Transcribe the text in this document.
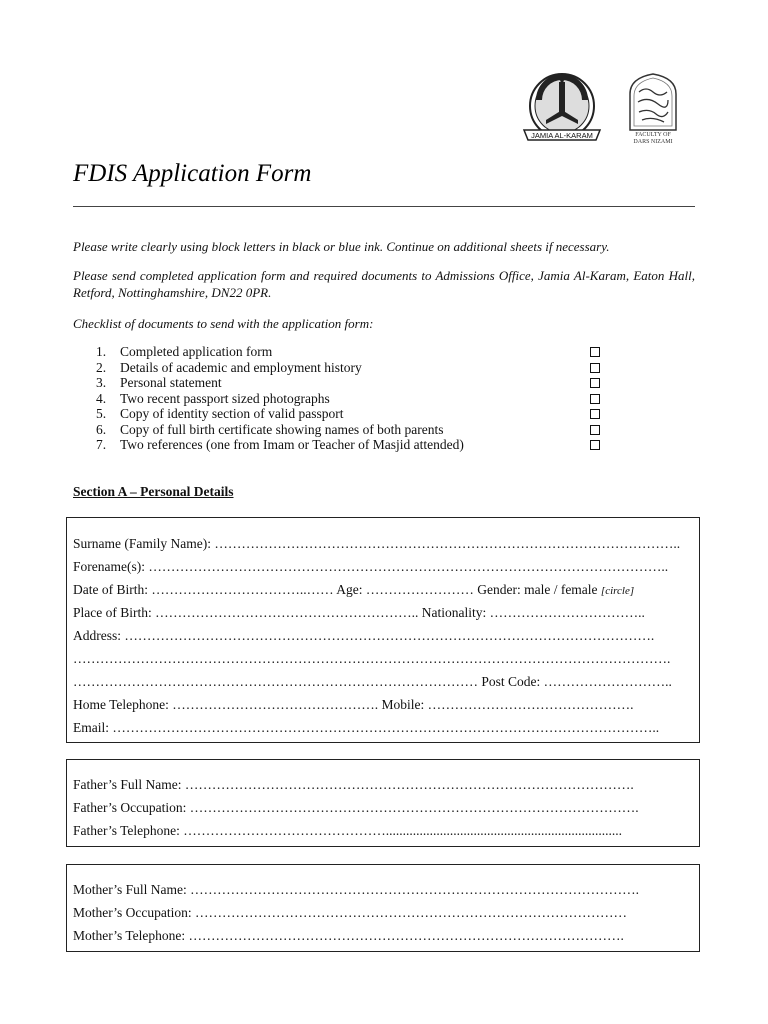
JAMIA AL-KARAM	FACULTY OF
DARS NIZAMI
FDIS Application Form
Please write clearly using block letters in black or blue ink. Continue on additional sheets if necessary.
Please send completed application form and required documents to Admissions Office, Jamia Al-Karam, Eaton Hall, Retford, Nottinghamshire, DN22 0PR.
Checklist of documents to send with the application form:
1.	Completed application form
2.	Details of academic and employment history
3.	Personal statement
4.	Two recent passport sized photographs
5.	Copy of identity section of valid passport
6.	Copy of full birth certificate showing names of both parents
7.	Two references (one from Imam or Teacher of Masjid attended)
Section A – Personal Details
Surname (Family Name): …………………………………………………………………………………………..
Forename(s): ……………………………………………………………………………………………………..
Date of Birth: ……………………………..…… Age: …………………… Gender: male / female [circle]
Place of Birth: ………………………………………………….. Nationality: ……………………………..
Address: ……………………………………………………………………………………………………….
…………………………………………………………………………………………………………………….
……………………………………………………………………………… Post Code: ………………………..
Home Telephone: ………………………………………. Mobile: ……………………………………….
Email: …………………………………………………………………………………………………………..
Father’s Full Name: ……………………………………………………………………………………….
Father’s Occupation: ……………………………………………………………………………………….
Father’s Telephone: ………………………………………......................................................................
Mother’s Full Name: ……………………………………………………………………………………….
Mother’s Occupation: ……………………………………………………………………………………
Mother’s Telephone: …………………………………………………………………………………….
